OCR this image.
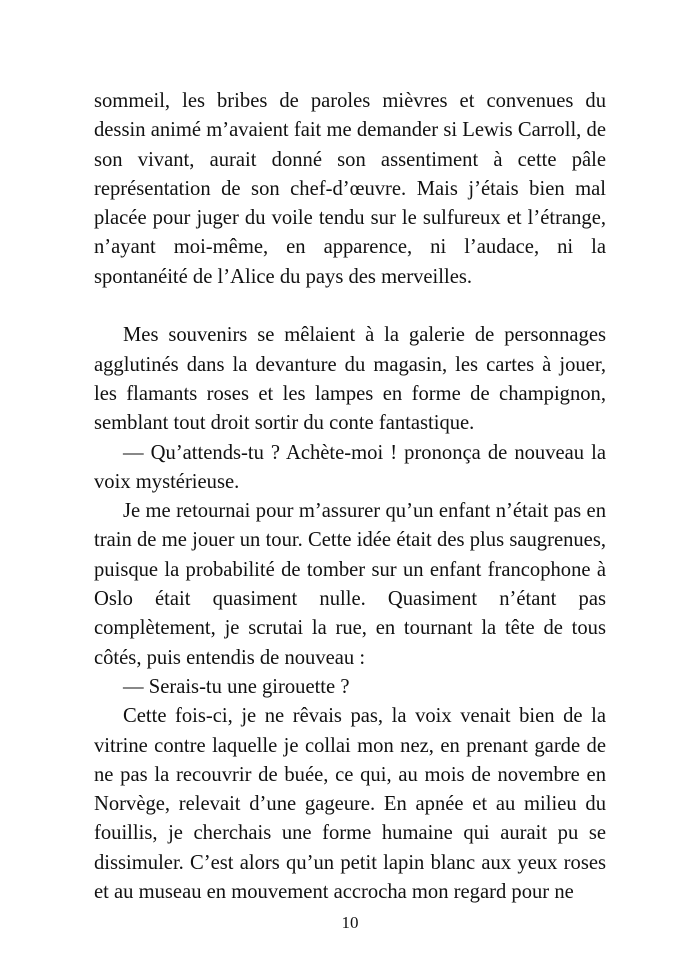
sommeil, les bribes de paroles mièvres et convenues du dessin animé m’avaient fait me demander si Lewis Carroll, de son vivant, aurait donné son assentiment à cette pâle représentation de son chef-d’œuvre. Mais j’étais bien mal placée pour juger du voile tendu sur le sulfureux et l’étrange, n’ayant moi-même, en apparence, ni l’audace, ni la spontanéité de l’Alice du pays des merveilles.

Mes souvenirs se mêlaient à la galerie de personnages agglutinés dans la devanture du magasin, les cartes à jouer, les flamants roses et les lampes en forme de champignon, semblant tout droit sortir du conte fantastique.

— Qu’attends-tu ? Achète-moi ! prononça de nouveau la voix mystérieuse.

Je me retournai pour m’assurer qu’un enfant n’était pas en train de me jouer un tour. Cette idée était des plus saugrenues, puisque la probabilité de tomber sur un enfant francophone à Oslo était quasiment nulle. Quasiment n’étant pas complètement, je scrutai la rue, en tournant la tête de tous côtés, puis entendis de nouveau :

— Serais-tu une girouette ?

Cette fois-ci, je ne rêvais pas, la voix venait bien de la vitrine contre laquelle je collai mon nez, en prenant garde de ne pas la recouvrir de buée, ce qui, au mois de novembre en Norvège, relevait d’une gageure. En apnée et au milieu du fouillis, je cherchais une forme humaine qui aurait pu se dissimuler. C’est alors qu’un petit lapin blanc aux yeux roses et au museau en mouvement accrocha mon regard pour ne

10
